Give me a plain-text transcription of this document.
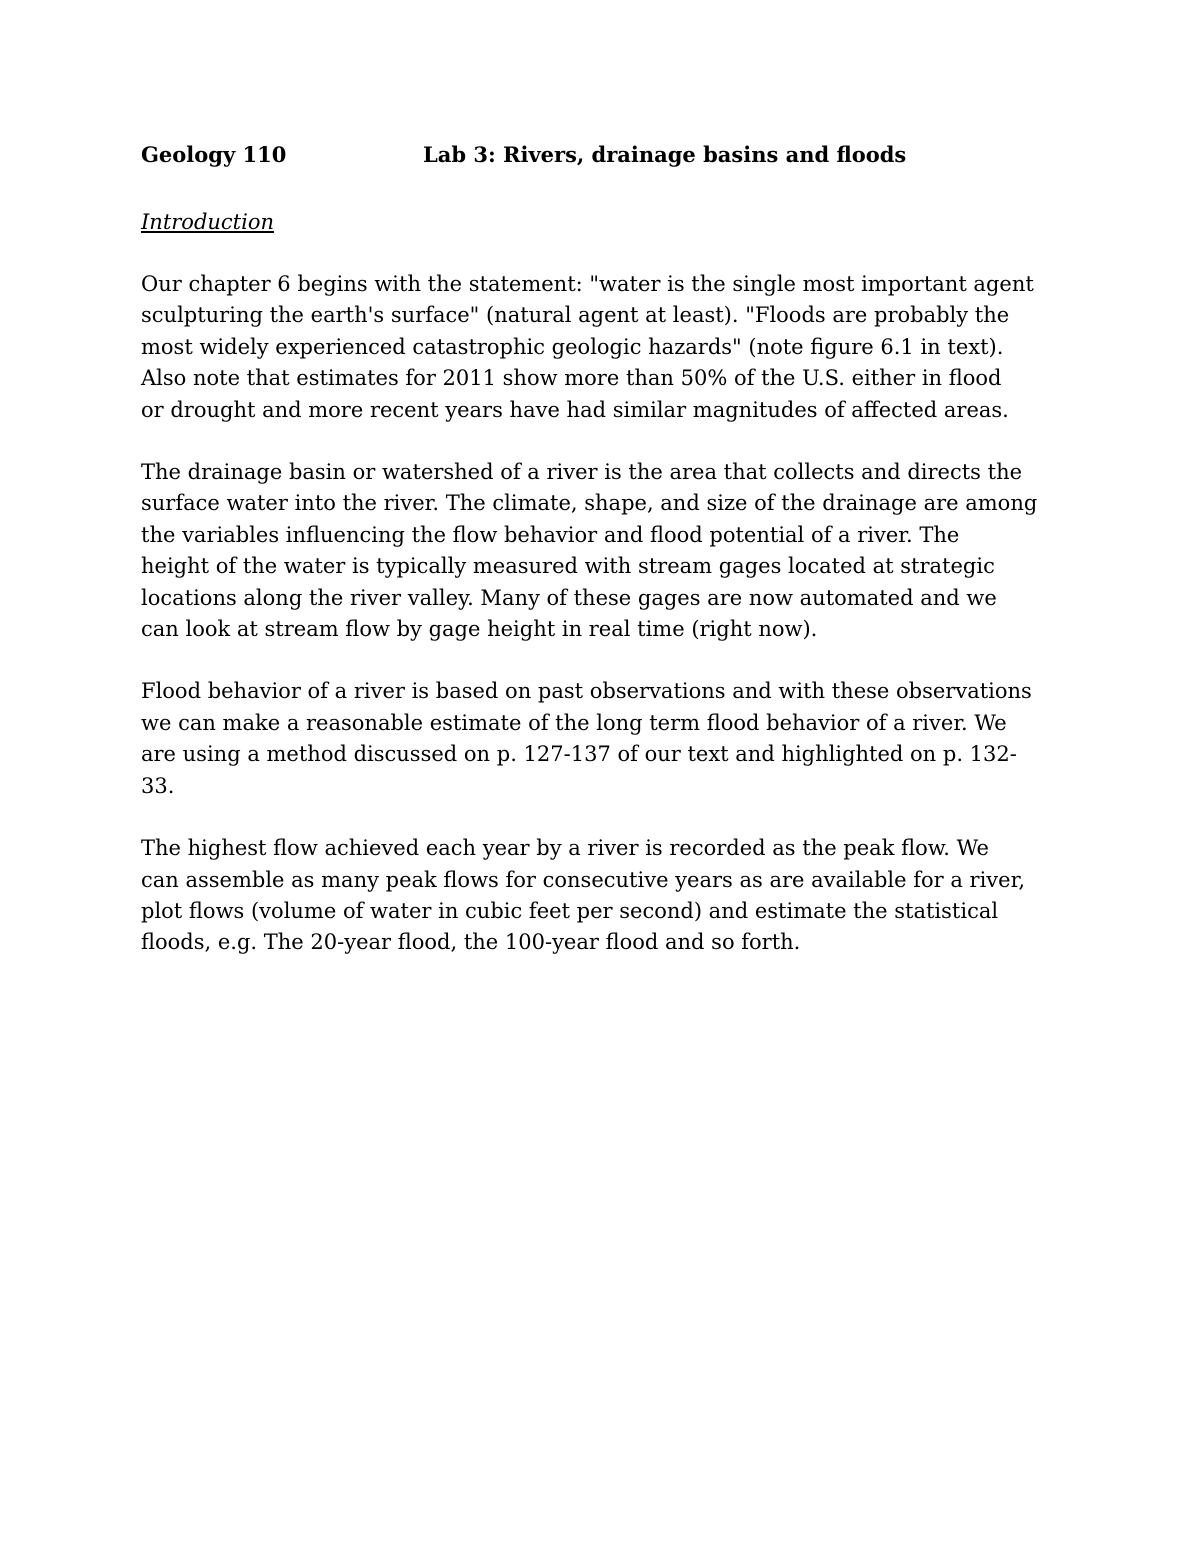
Geology 110	Lab 3: Rivers, drainage basins and floods
Introduction

Our chapter 6 begins with the statement: "water is the single most important agent
sculpturing the earth's surface" (natural agent at least). "Floods are probably the
most widely experienced catastrophic geologic hazards" (note figure 6.1 in text).
Also note that estimates for 2011 show more than 50% of the U.S. either in flood
or drought and more recent years have had similar magnitudes of affected areas.

The drainage basin or watershed of a river is the area that collects and directs the
surface water into the river. The climate, shape, and size of the drainage are among
the variables influencing the flow behavior and flood potential of a river. The
height of the water is typically measured with stream gages located at strategic
locations along the river valley. Many of these gages are now automated and we
can look at stream flow by gage height in real time (right now).

Flood behavior of a river is based on past observations and with these observations
we can make a reasonable estimate of the long term flood behavior of a river. We
are using a method discussed on p. 127-137 of our text and highlighted on p. 132-
33.

The highest flow achieved each year by a river is recorded as the peak flow. We
can assemble as many peak flows for consecutive years as are available for a river,
plot flows (volume of water in cubic feet per second) and estimate the statistical
floods, e.g. The 20-year flood, the 100-year flood and so forth.
